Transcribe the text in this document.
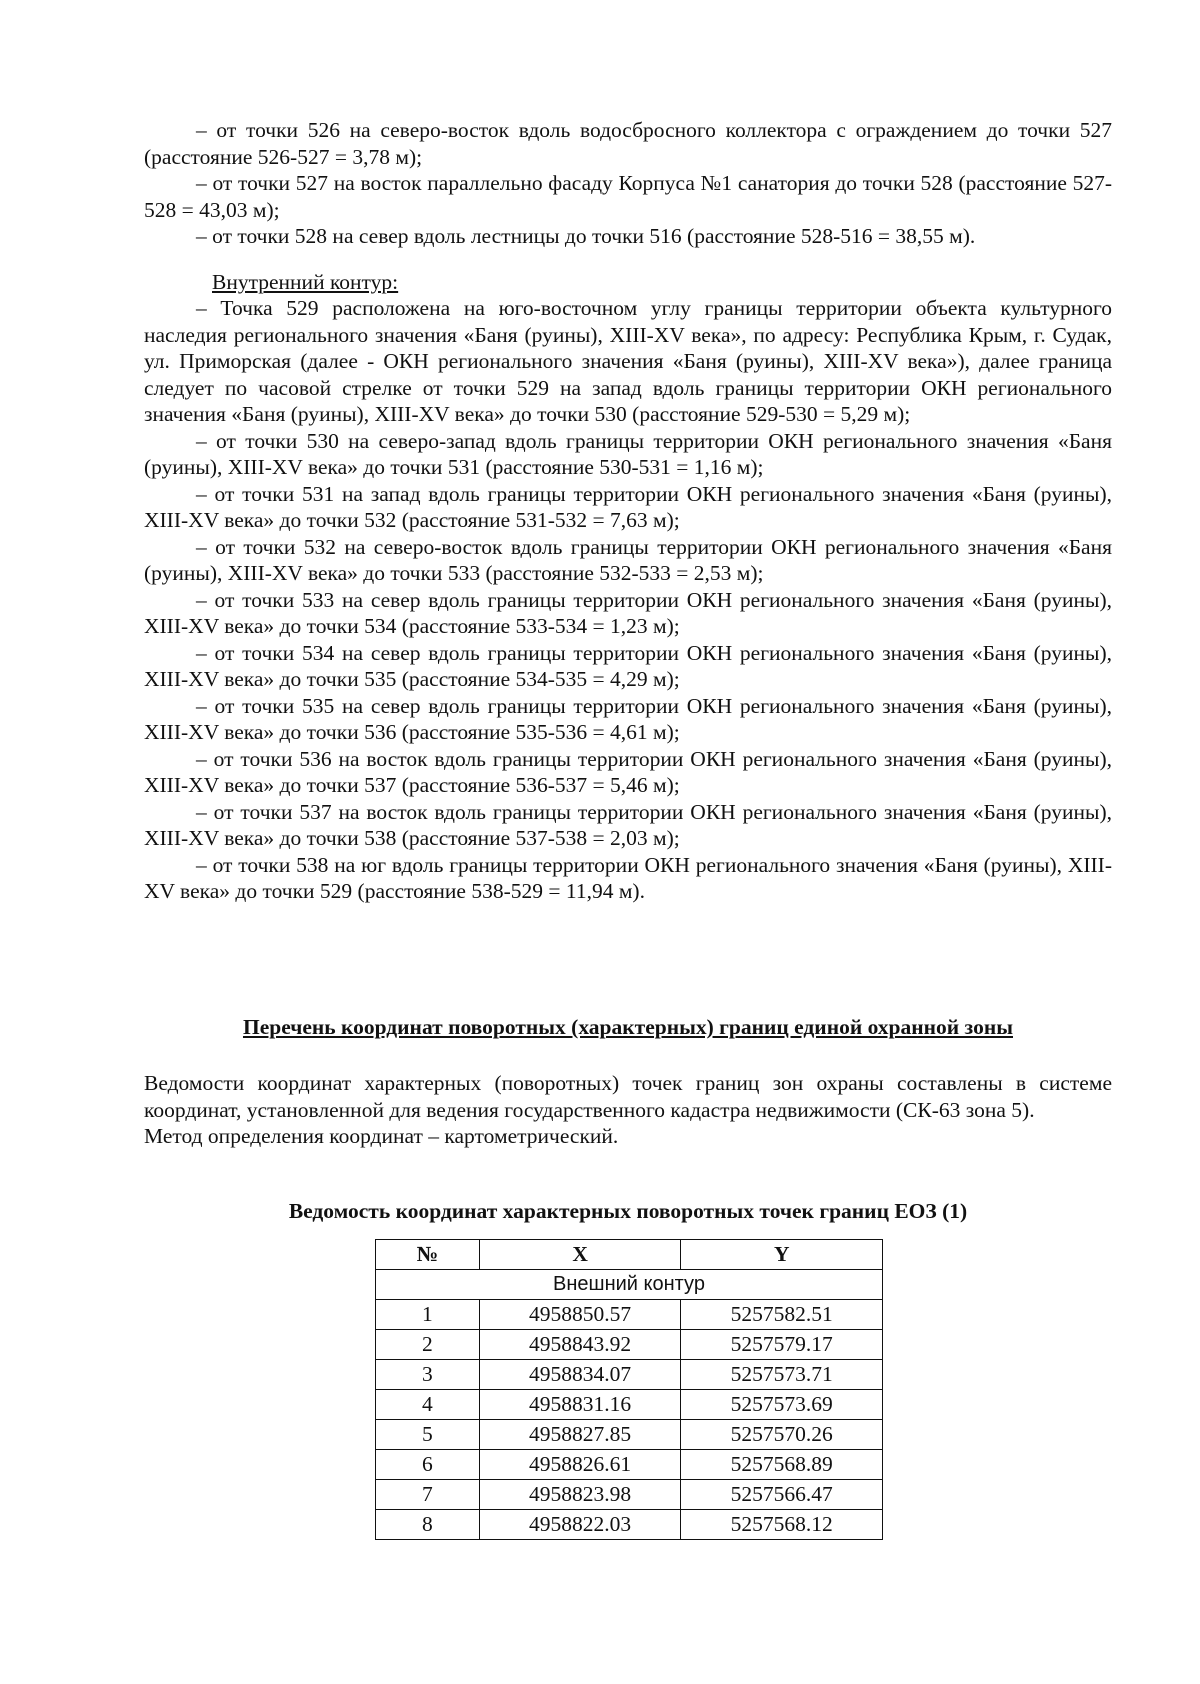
– от точки 526 на северо-восток вдоль водосбросного коллектора с ограждением до точки 527 (расстояние 526-527 = 3,78 м);

– от точки 527 на восток параллельно фасаду Корпуса №1 санатория до точки 528 (расстояние 527-528 = 43,03 м);

– от точки 528 на север вдоль лестницы до точки 516 (расстояние 528-516 = 38,55 м).

Внутренний контур:

– Точка 529 расположена на юго-восточном углу границы территории объекта культурного наследия регионального значения «Баня (руины), XIII-XV века», по адресу: Республика Крым, г. Судак, ул. Приморская (далее - ОКН регионального значения «Баня (руины), XIII-XV века»), далее граница следует по часовой стрелке от точки 529 на запад вдоль границы территории ОКН регионального значения «Баня (руины), XIII-XV века» до точки 530 (расстояние 529-530 = 5,29 м);

– от точки 530 на северо-запад вдоль границы территории ОКН регионального значения «Баня (руины), XIII-XV века» до точки 531 (расстояние 530-531 = 1,16 м);

– от точки 531 на запад вдоль границы территории ОКН регионального значения «Баня (руины), XIII-XV века» до точки 532 (расстояние 531-532 = 7,63 м);

– от точки 532 на северо-восток вдоль границы территории ОКН регионального значения «Баня (руины), XIII-XV века» до точки 533 (расстояние 532-533 = 2,53 м);

– от точки 533 на север вдоль границы территории ОКН регионального значения «Баня (руины), XIII-XV века» до точки 534 (расстояние 533-534 = 1,23 м);

– от точки 534 на север вдоль границы территории ОКН регионального значения «Баня (руины), XIII-XV века» до точки 535 (расстояние 534-535 = 4,29 м);

– от точки 535 на север вдоль границы территории ОКН регионального значения «Баня (руины), XIII-XV века» до точки 536 (расстояние 535-536 = 4,61 м);

– от точки 536 на восток вдоль границы территории ОКН регионального значения «Баня (руины), XIII-XV века» до точки 537 (расстояние 536-537 = 5,46 м);

– от точки 537 на восток вдоль границы территории ОКН регионального значения «Баня (руины), XIII-XV века» до точки 538 (расстояние 537-538 = 2,03 м);

– от точки 538 на юг вдоль границы территории ОКН регионального значения «Баня (руины), XIII-XV века» до точки 529 (расстояние 538-529 = 11,94 м).

Перечень координат поворотных (характерных) границ единой охранной зоны

Ведомости координат характерных (поворотных) точек границ зон охраны составлены в системе координат, установленной для ведения государственного кадастра недвижимости (СК-63 зона 5).

Метод определения координат – картометрический.

Ведомость координат характерных поворотных точек границ ЕОЗ (1)
№	X	Y
Внешний контур		
1	4958850.57	5257582.51
2	4958843.92	5257579.17
3	4958834.07	5257573.71
4	4958831.16	5257573.69
5	4958827.85	5257570.26
6	4958826.61	5257568.89
7	4958823.98	5257566.47
8	4958822.03	5257568.12
